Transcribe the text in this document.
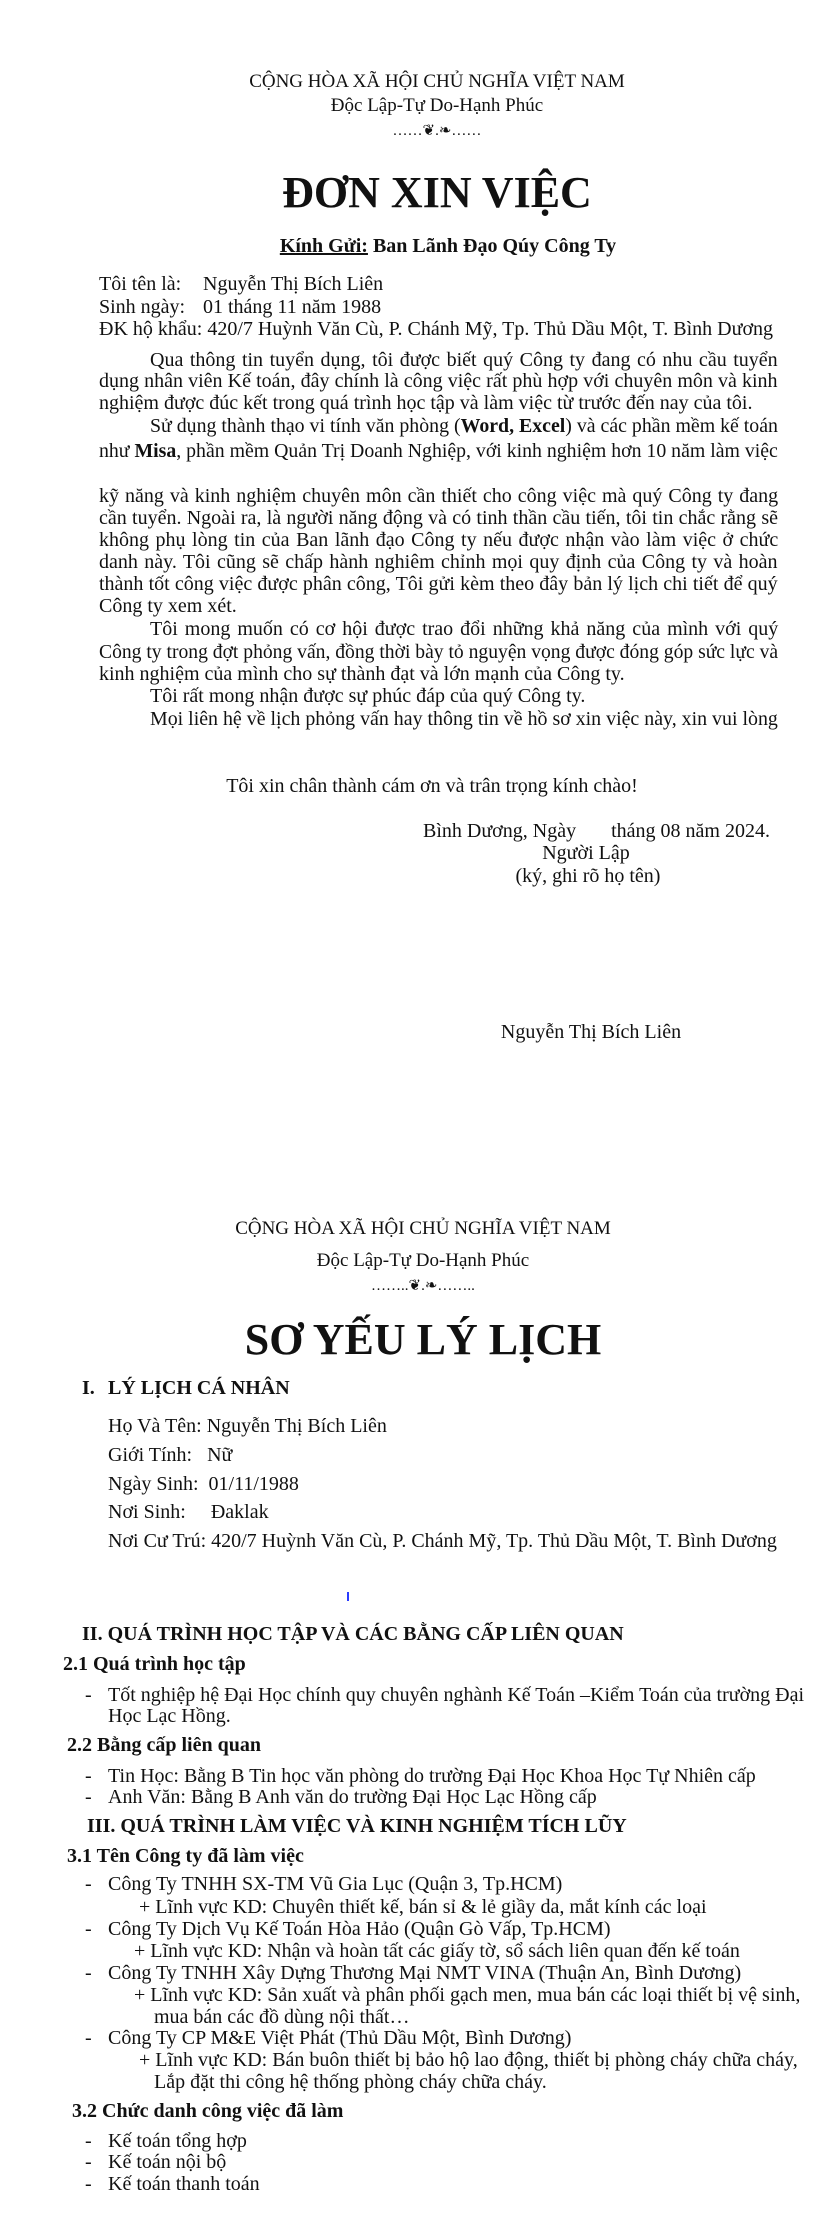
CỘNG HÒA XÃ HỘI CHỦ NGHĨA VIỆT NAM
Độc Lập-Tự Do-Hạnh Phúc
……❦.❧……
ĐƠN XIN VIỆC
Kính Gửi: Ban Lãnh Đạo Qúy Công Ty
Tôi tên là: Nguyễn Thị Bích Liên
Sinh ngày: 01 tháng 11 năm 1988
ĐK hộ khẩu: 420/7 Huỳnh Văn Cù, P. Chánh Mỹ, Tp. Thủ Dầu Một, T. Bình Dương
Qua thông tin tuyển dụng, tôi được biết quý Công ty đang có nhu cầu tuyển
dụng nhân viên Kế toán, đây chính là công việc rất phù hợp với chuyên môn và kinh
nghiệm được đúc kết trong quá trình học tập và làm việc từ trước đến nay của tôi.
Sử dụng thành thạo vi tính văn phòng (Word, Excel) và các phần mềm kế toán
như Misa, phần mềm Quản Trị Doanh Nghiệp, với kinh nghiệm hơn 10 năm làm việc
kỹ năng và kinh nghiệm chuyên môn cần thiết cho công việc mà quý Công ty đang
cần tuyển. Ngoài ra, là người năng động và có tinh thần cầu tiến, tôi tin chắc rằng sẽ
không phụ lòng tin của Ban lãnh đạo Công ty nếu được nhận vào làm việc ở chức
danh này. Tôi cũng sẽ chấp hành nghiêm chỉnh mọi quy định của Công ty và hoàn
thành tốt công việc được phân công, Tôi gửi kèm theo đây bản lý lịch chi tiết để quý
Công ty xem xét.
Tôi mong muốn có cơ hội được trao đổi những khả năng của mình với quý
Công ty trong đợt phỏng vấn, đồng thời bày tỏ nguyện vọng được đóng góp sức lực và
kinh nghiệm của mình cho sự thành đạt và lớn mạnh của Công ty.
Tôi rất mong nhận được sự phúc đáp của quý Công ty.
Mọi liên hệ về lịch phỏng vấn hay thông tin về hồ sơ xin việc này, xin vui lòng
Tôi xin chân thành cám ơn và trân trọng kính chào!
Bình Dương, Ngày       tháng 08 năm 2024.
Người Lập
(ký, ghi rõ họ tên)
Nguyễn Thị Bích Liên
CỘNG HÒA XÃ HỘI CHỦ NGHĨA VIỆT NAM
Độc Lập-Tự Do-Hạnh Phúc
……..❦.❧……..
SƠ YẾU LÝ LỊCH
I. LÝ LỊCH CÁ NHÂN
Họ Và Tên: Nguyễn Thị Bích Liên
Giới Tính:   Nữ
Ngày Sinh:  01/11/1988
Nơi Sinh:     Đaklak
Nơi Cư Trú: 420/7 Huỳnh Văn Cù, P. Chánh Mỹ, Tp. Thủ Dầu Một, T. Bình Dương
II. QUÁ TRÌNH HỌC TẬP VÀ CÁC BẰNG CẤP LIÊN QUAN
2.1 Quá trình học tập
- Tốt nghiệp hệ Đại Học chính quy chuyên nghành Kế Toán –Kiểm Toán của trường Đại
Học Lạc Hồng.
2.2 Bằng cấp liên quan
- Tin Học: Bằng B Tin học văn phòng do trường Đại Học Khoa Học Tự Nhiên cấp
- Anh Văn: Bằng B Anh văn do trường Đại Học Lạc Hồng cấp
III. QUÁ TRÌNH LÀM VIỆC VÀ KINH NGHIỆM TÍCH LŨY
3.1 Tên Công ty đã làm việc
- Công Ty TNHH SX-TM Vũ Gia Lục (Quận 3, Tp.HCM)
+ Lĩnh vực KD: Chuyên thiết kế, bán sỉ & lẻ giầy da, mắt kính các loại
- Công Ty Dịch Vụ Kế Toán Hòa Hảo (Quận Gò Vấp, Tp.HCM)
+ Lĩnh vực KD: Nhận và hoàn tất các giấy tờ, sổ sách liên quan đến kế toán
- Công Ty TNHH Xây Dựng Thương Mại NMT VINA (Thuận An, Bình Dương)
+ Lĩnh vực KD: Sản xuất và phân phối gạch men, mua bán các loại thiết bị vệ sinh,
mua bán các đồ dùng nội thất…
- Công Ty CP M&E Việt Phát (Thủ Dầu Một, Bình Dương)
+ Lĩnh vực KD: Bán buôn thiết bị bảo hộ lao động, thiết bị phòng cháy chữa cháy,
Lắp đặt thi công hệ thống phòng cháy chữa cháy.
3.2 Chức danh công việc đã làm
- Kế toán tổng hợp
- Kế toán nội bộ
- Kế toán thanh toán
